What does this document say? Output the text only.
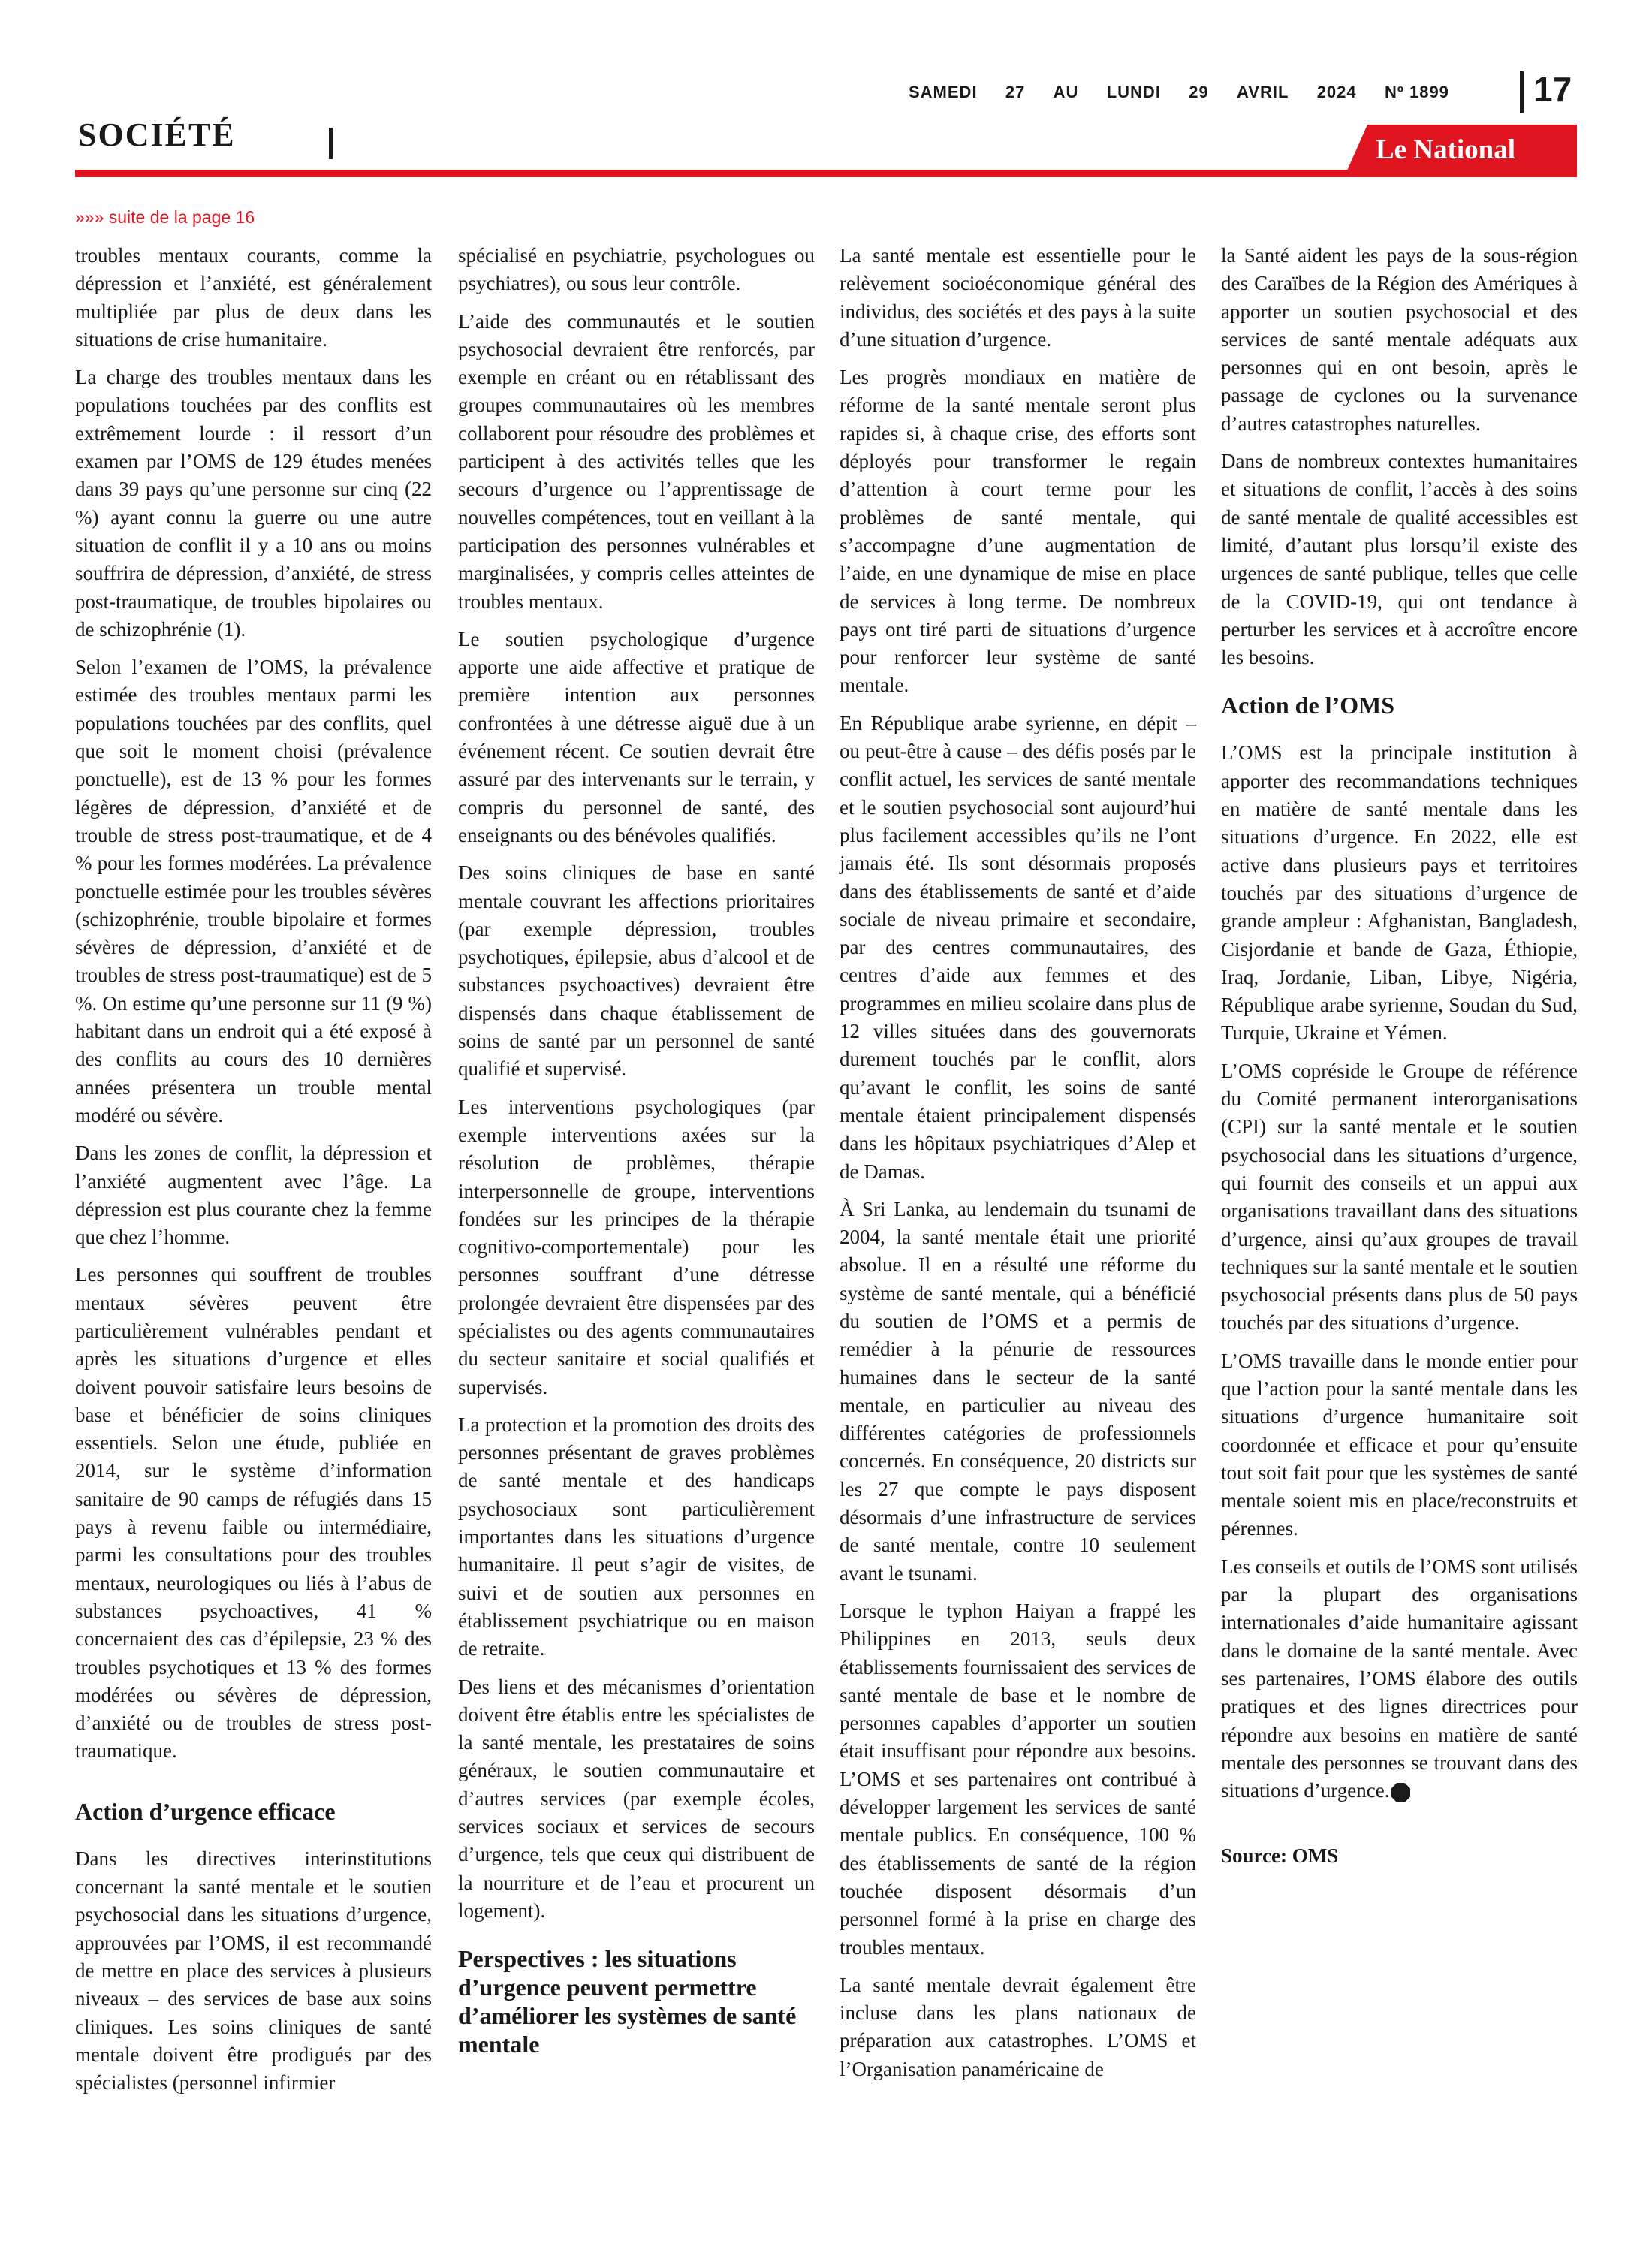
SAMEDI 27 AU LUNDI 29 AVRIL 2024 Nº 1899 17
SOCIÉTÉ	Le National
»»» suite de la page 16

troubles mentaux courants, comme la dépression et l’anxiété, est généralement multipliée par plus de deux dans les situations de crise humanitaire.

La charge des troubles mentaux dans les populations touchées par des conflits est extrêmement lourde : il ressort d’un examen par l’OMS de 129 études menées dans 39 pays qu’une personne sur cinq (22 %) ayant connu la guerre ou une autre situation de conflit il y a 10 ans ou moins souffrira de dépression, d’anxiété, de stress post-traumatique, de troubles bipolaires ou de schizophrénie (1).

Selon l’examen de l’OMS, la prévalence estimée des troubles mentaux parmi les populations touchées par des conflits, quel que soit le moment choisi (prévalence ponctuelle), est de 13 % pour les formes légères de dépression, d’anxiété et de trouble de stress post-traumatique, et de 4 % pour les formes modérées. La prévalence ponctuelle estimée pour les troubles sévères (schizophrénie, trouble bipolaire et formes sévères de dépression, d’anxiété et de troubles de stress post-traumatique) est de 5 %. On estime qu’une personne sur 11 (9 %) habitant dans un endroit qui a été exposé à des conflits au cours des 10 dernières années présentera un trouble mental modéré ou sévère.

Dans les zones de conflit, la dépression et l’anxiété augmentent avec l’âge. La dépression est plus courante chez la femme que chez l’homme.

Les personnes qui souffrent de troubles mentaux sévères peuvent être particulièrement vulnérables pendant et après les situations d’urgence et elles doivent pouvoir satisfaire leurs besoins de base et bénéficier de soins cliniques essentiels. Selon une étude, publiée en 2014, sur le système d’information sanitaire de 90 camps de réfugiés dans 15 pays à revenu faible ou intermédiaire, parmi les consultations pour des troubles mentaux, neurologiques ou liés à l’abus de substances psychoactives, 41 % concernaient des cas d’épilepsie, 23 % des troubles psychotiques et 13 % des formes modérées ou sévères de dépression, d’anxiété ou de troubles de stress post-traumatique.

Action d’urgence efficace

Dans les directives interinstitutions concernant la santé mentale et le soutien psychosocial dans les situations d’urgence, approuvées par l’OMS, il est recommandé de mettre en place des services à plusieurs niveaux – des services de base aux soins cliniques. Les soins cliniques de santé mentale doivent être prodigués par des spécialistes (personnel infirmier

spécialisé en psychiatrie, psychologues ou psychiatres), ou sous leur contrôle.

L’aide des communautés et le soutien psychosocial devraient être renforcés, par exemple en créant ou en rétablissant des groupes communautaires où les membres collaborent pour résoudre des problèmes et participent à des activités telles que les secours d’urgence ou l’apprentissage de nouvelles compétences, tout en veillant à la participation des personnes vulnérables et marginalisées, y compris celles atteintes de troubles mentaux.

Le soutien psychologique d’urgence apporte une aide affective et pratique de première intention aux personnes confrontées à une détresse aiguë due à un événement récent. Ce soutien devrait être assuré par des intervenants sur le terrain, y compris du personnel de santé, des enseignants ou des bénévoles qualifiés.

Des soins cliniques de base en santé mentale couvrant les affections prioritaires (par exemple dépression, troubles psychotiques, épilepsie, abus d’alcool et de substances psychoactives) devraient être dispensés dans chaque établissement de soins de santé par un personnel de santé qualifié et supervisé.

Les interventions psychologiques (par exemple interventions axées sur la résolution de problèmes, thérapie interpersonnelle de groupe, interventions fondées sur les principes de la thérapie cognitivo-comportementale) pour les personnes souffrant d’une détresse prolongée devraient être dispensées par des spécialistes ou des agents communautaires du secteur sanitaire et social qualifiés et supervisés.

La protection et la promotion des droits des personnes présentant de graves problèmes de santé mentale et des handicaps psychosociaux sont particulièrement importantes dans les situations d’urgence humanitaire. Il peut s’agir de visites, de suivi et de soutien aux personnes en établissement psychiatrique ou en maison de retraite.

Des liens et des mécanismes d’orientation doivent être établis entre les spécialistes de la santé mentale, les prestataires de soins généraux, le soutien communautaire et d’autres services (par exemple écoles, services sociaux et services de secours d’urgence, tels que ceux qui distribuent de la nourriture et de l’eau et procurent un logement).

Perspectives : les situations d’urgence peuvent permettre d’améliorer les systèmes de santé mentale

La santé mentale est essentielle pour le relèvement socioéconomique général des individus, des sociétés et des pays à la suite d’une situation d’urgence.

Les progrès mondiaux en matière de réforme de la santé mentale seront plus rapides si, à chaque crise, des efforts sont déployés pour transformer le regain d’attention à court terme pour les problèmes de santé mentale, qui s’accompagne d’une augmentation de l’aide, en une dynamique de mise en place de services à long terme. De nombreux pays ont tiré parti de situations d’urgence pour renforcer leur système de santé mentale.

En République arabe syrienne, en dépit – ou peut-être à cause – des défis posés par le conflit actuel, les services de santé mentale et le soutien psychosocial sont aujourd’hui plus facilement accessibles qu’ils ne l’ont jamais été. Ils sont désormais proposés dans des établissements de santé et d’aide sociale de niveau primaire et secondaire, par des centres communautaires, des centres d’aide aux femmes et des programmes en milieu scolaire dans plus de 12 villes situées dans des gouvernorats durement touchés par le conflit, alors qu’avant le conflit, les soins de santé mentale étaient principalement dispensés dans les hôpitaux psychiatriques d’Alep et de Damas.

À Sri Lanka, au lendemain du tsunami de 2004, la santé mentale était une priorité absolue. Il en a résulté une réforme du système de santé mentale, qui a bénéficié du soutien de l’OMS et a permis de remédier à la pénurie de ressources humaines dans le secteur de la santé mentale, en particulier au niveau des différentes catégories de professionnels concernés. En conséquence, 20 districts sur les 27 que compte le pays disposent désormais d’une infrastructure de services de santé mentale, contre 10 seulement avant le tsunami.

Lorsque le typhon Haiyan a frappé les Philippines en 2013, seuls deux établissements fournissaient des services de santé mentale de base et le nombre de personnes capables d’apporter un soutien était insuffisant pour répondre aux besoins. L’OMS et ses partenaires ont contribué à développer largement les services de santé mentale publics. En conséquence, 100 % des établissements de santé de la région touchée disposent désormais d’un personnel formé à la prise en charge des troubles mentaux.

La santé mentale devrait également être incluse dans les plans nationaux de préparation aux catastrophes. L’OMS et l’Organisation panaméricaine de

la Santé aident les pays de la sous-région des Caraïbes de la Région des Amériques à apporter un soutien psychosocial et des services de santé mentale adéquats aux personnes qui en ont besoin, après le passage de cyclones ou la survenance d’autres catastrophes naturelles.

Dans de nombreux contextes humanitaires et situations de conflit, l’accès à des soins de santé mentale de qualité accessibles est limité, d’autant plus lorsqu’il existe des urgences de santé publique, telles que celle de la COVID-19, qui ont tendance à perturber les services et à accroître encore les besoins.

Action de l’OMS

L’OMS est la principale institution à apporter des recommandations techniques en matière de santé mentale dans les situations d’urgence. En 2022, elle est active dans plusieurs pays et territoires touchés par des situations d’urgence de grande ampleur : Afghanistan, Bangladesh, Cisjordanie et bande de Gaza, Éthiopie, Iraq, Jordanie, Liban, Libye, Nigéria, République arabe syrienne, Soudan du Sud, Turquie, Ukraine et Yémen.

L’OMS copréside le Groupe de référence du Comité permanent interorganisations (CPI) sur la santé mentale et le soutien psychosocial dans les situations d’urgence, qui fournit des conseils et un appui aux organisations travaillant dans des situations d’urgence, ainsi qu’aux groupes de travail techniques sur la santé mentale et le soutien psychosocial présents dans plus de 50 pays touchés par des situations d’urgence.

L’OMS travaille dans le monde entier pour que l’action pour la santé mentale dans les situations d’urgence humanitaire soit coordonnée et efficace et pour qu’ensuite tout soit fait pour que les systèmes de santé mentale soient mis en place/reconstruits et pérennes.

Les conseils et outils de l’OMS sont utilisés par la plupart des organisations internationales d’aide humanitaire agissant dans le domaine de la santé mentale. Avec ses partenaires, l’OMS élabore des outils pratiques et des lignes directrices pour répondre aux besoins en matière de santé mentale des personnes se trouvant dans des situations d’urgence.

Source: OMS
